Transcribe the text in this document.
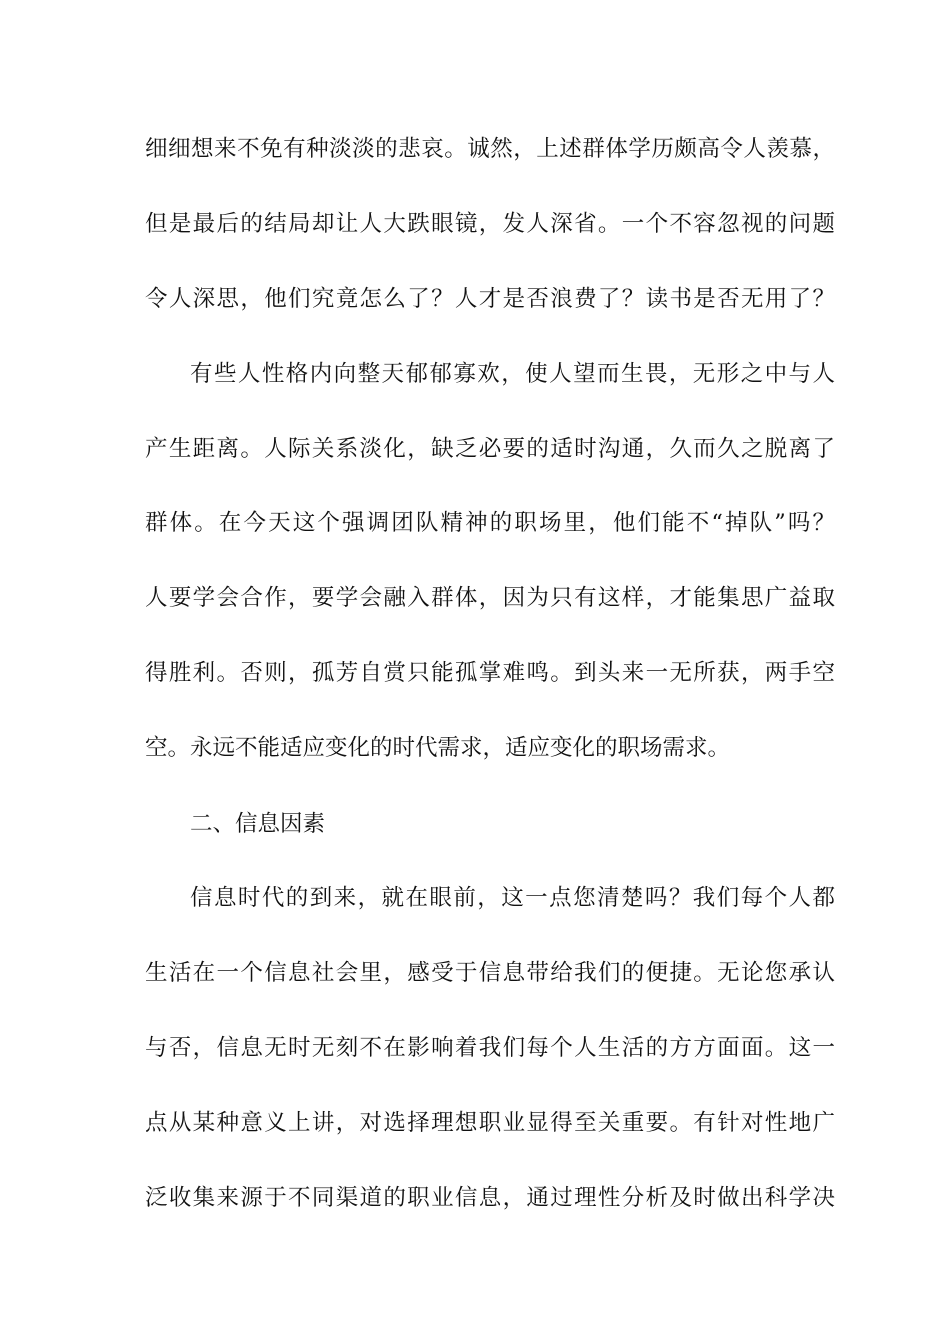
细细想来不免有种淡淡的悲哀。诚然，上述群体学历颇高令人羡慕，
但是最后的结局却让人大跌眼镜，发人深省。一个不容忽视的问题
令人深思，他们究竟怎么了？人才是否浪费了？读书是否无用了？
有些人性格内向整天郁郁寡欢，使人望而生畏，无形之中与人
产生距离。人际关系淡化，缺乏必要的适时沟通，久而久之脱离了
群体。在今天这个强调团队精神的职场里，他们能不“掉队”吗？
人要学会合作，要学会融入群体，因为只有这样，才能集思广益取
得胜利。否则，孤芳自赏只能孤掌难鸣。到头来一无所获，两手空
空。永远不能适应变化的时代需求，适应变化的职场需求。
二、信息因素
信息时代的到来，就在眼前，这一点您清楚吗？我们每个人都
生活在一个信息社会里，感受于信息带给我们的便捷。无论您承认
与否，信息无时无刻不在影响着我们每个人生活的方方面面。这一
点从某种意义上讲，对选择理想职业显得至关重要。有针对性地广
泛收集来源于不同渠道的职业信息，通过理性分析及时做出科学决
